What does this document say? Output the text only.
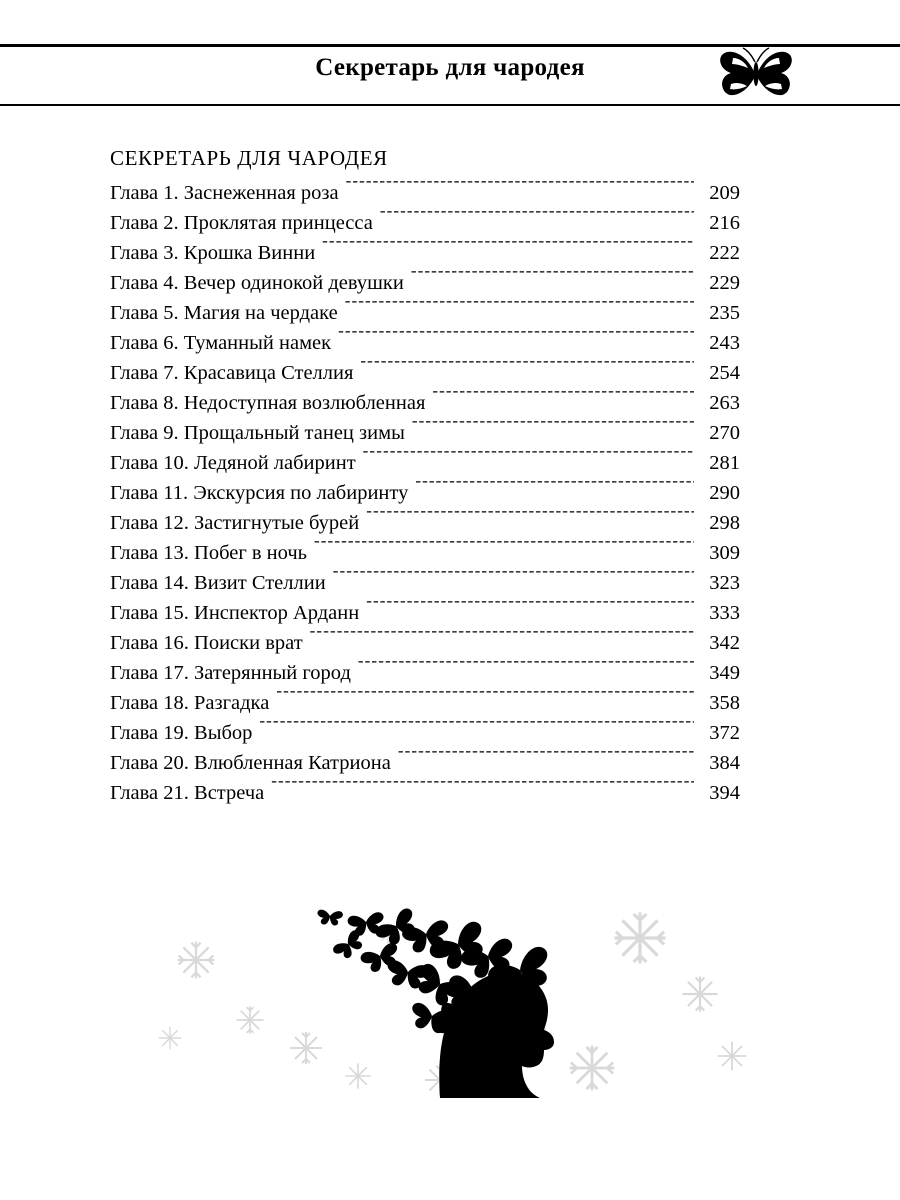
Секретарь для чародея
СЕКРЕТАРЬ ДЛЯ ЧАРОДЕЯ
Глава 1. Заснеженная роза -----	209
Глава 2. Проклятая принцесса -----	216
Глава 3. Крошка Винни -----	222
Глава 4. Вечер одинокой девушки -----	229
Глава 5. Магия на чердаке -----	235
Глава 6. Туманный намек -----	243
Глава 7. Красавица Стеллия -----	254
Глава 8. Недоступная возлюбленная -----	263
Глава 9. Прощальный танец зимы -----	270
Глава 10. Ледяной лабиринт -----	281
Глава 11. Экскурсия по лабиринту -----	290
Глава 12. Застигнутые бурей -----	298
Глава 13. Побег в ночь -----	309
Глава 14. Визит Стеллии -----	323
Глава 15. Инспектор Арданн -----	333
Глава 16. Поиски врат -----	342
Глава 17. Затерянный город -----	349
Глава 18. Разгадка -----	358
Глава 19. Выбор -----	372
Глава 20. Влюбленная Катриона -----	384
Глава 21. Встреча -----	394
